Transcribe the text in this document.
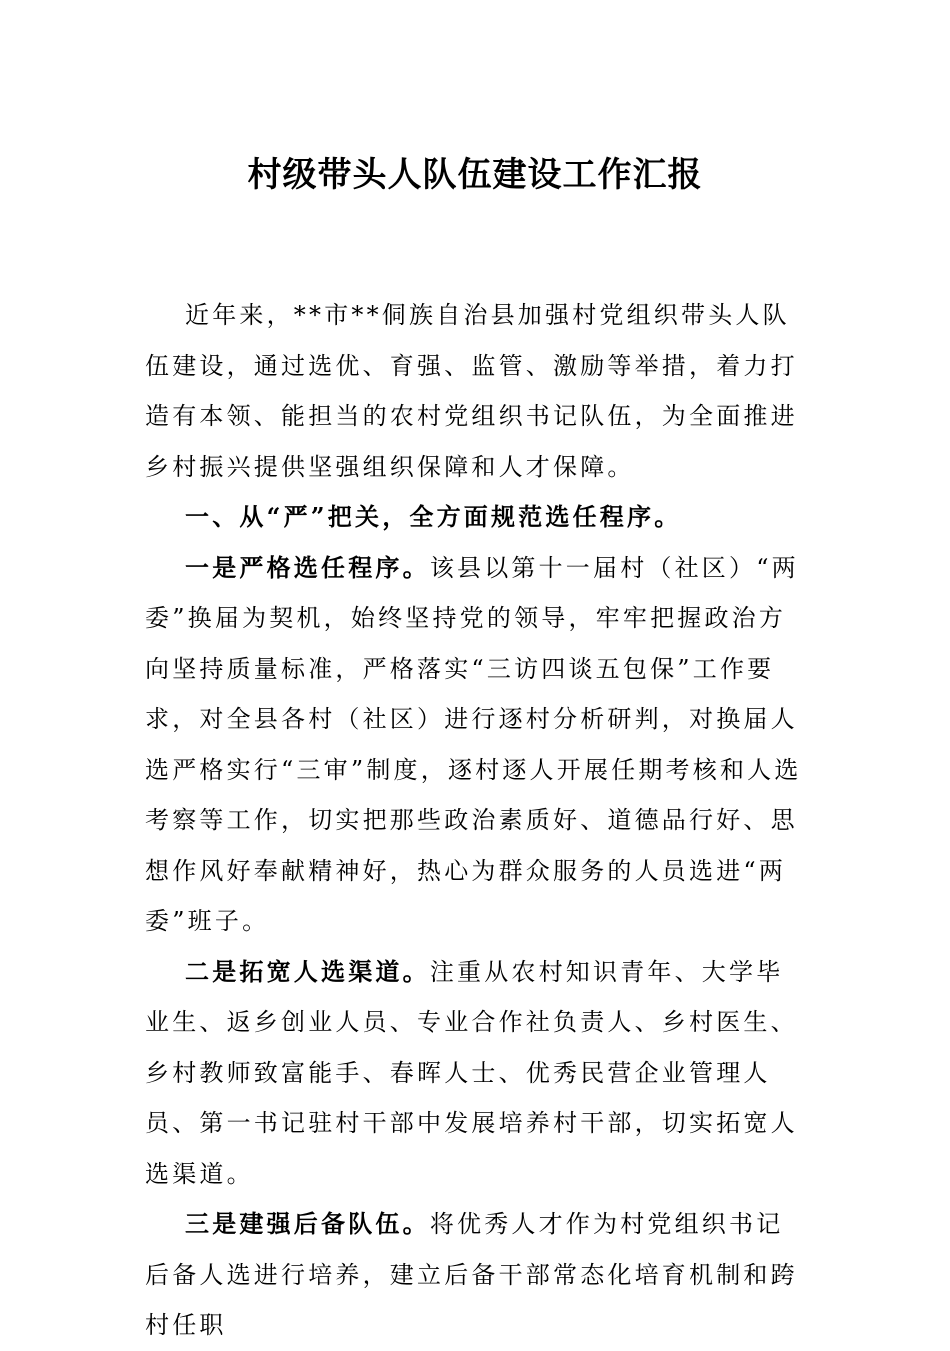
村级带头人队伍建设工作汇报

近年来，**市**侗族自治县加强村党组织带头人队伍建设，通过选优、育强、监管、激励等举措，着力打造有本领、能担当的农村党组织书记队伍，为全面推进乡村振兴提供坚强组织保障和人才保障。

一、从“严”把关，全方面规范选任程序。

一是严格选任程序。该县以第十一届村（社区）“两委”换届为契机，始终坚持党的领导，牢牢把握政治方向坚持质量标准，严格落实“三访四谈五包保”工作要求，对全县各村（社区）进行逐村分析研判，对换届人选严格实行“三审”制度，逐村逐人开展任期考核和人选考察等工作，切实把那些政治素质好、道德品行好、思想作风好奉献精神好，热心为群众服务的人员选进“两委”班子。

二是拓宽人选渠道。注重从农村知识青年、大学毕业生、返乡创业人员、专业合作社负责人、乡村医生、乡村教师致富能手、春晖人士、优秀民营企业管理人员、第一书记驻村干部中发展培养村干部，切实拓宽人选渠道。

三是建强后备队伍。将优秀人才作为村党组织书记后备人选进行培养，建立后备干部常态化培育机制和跨村任职
